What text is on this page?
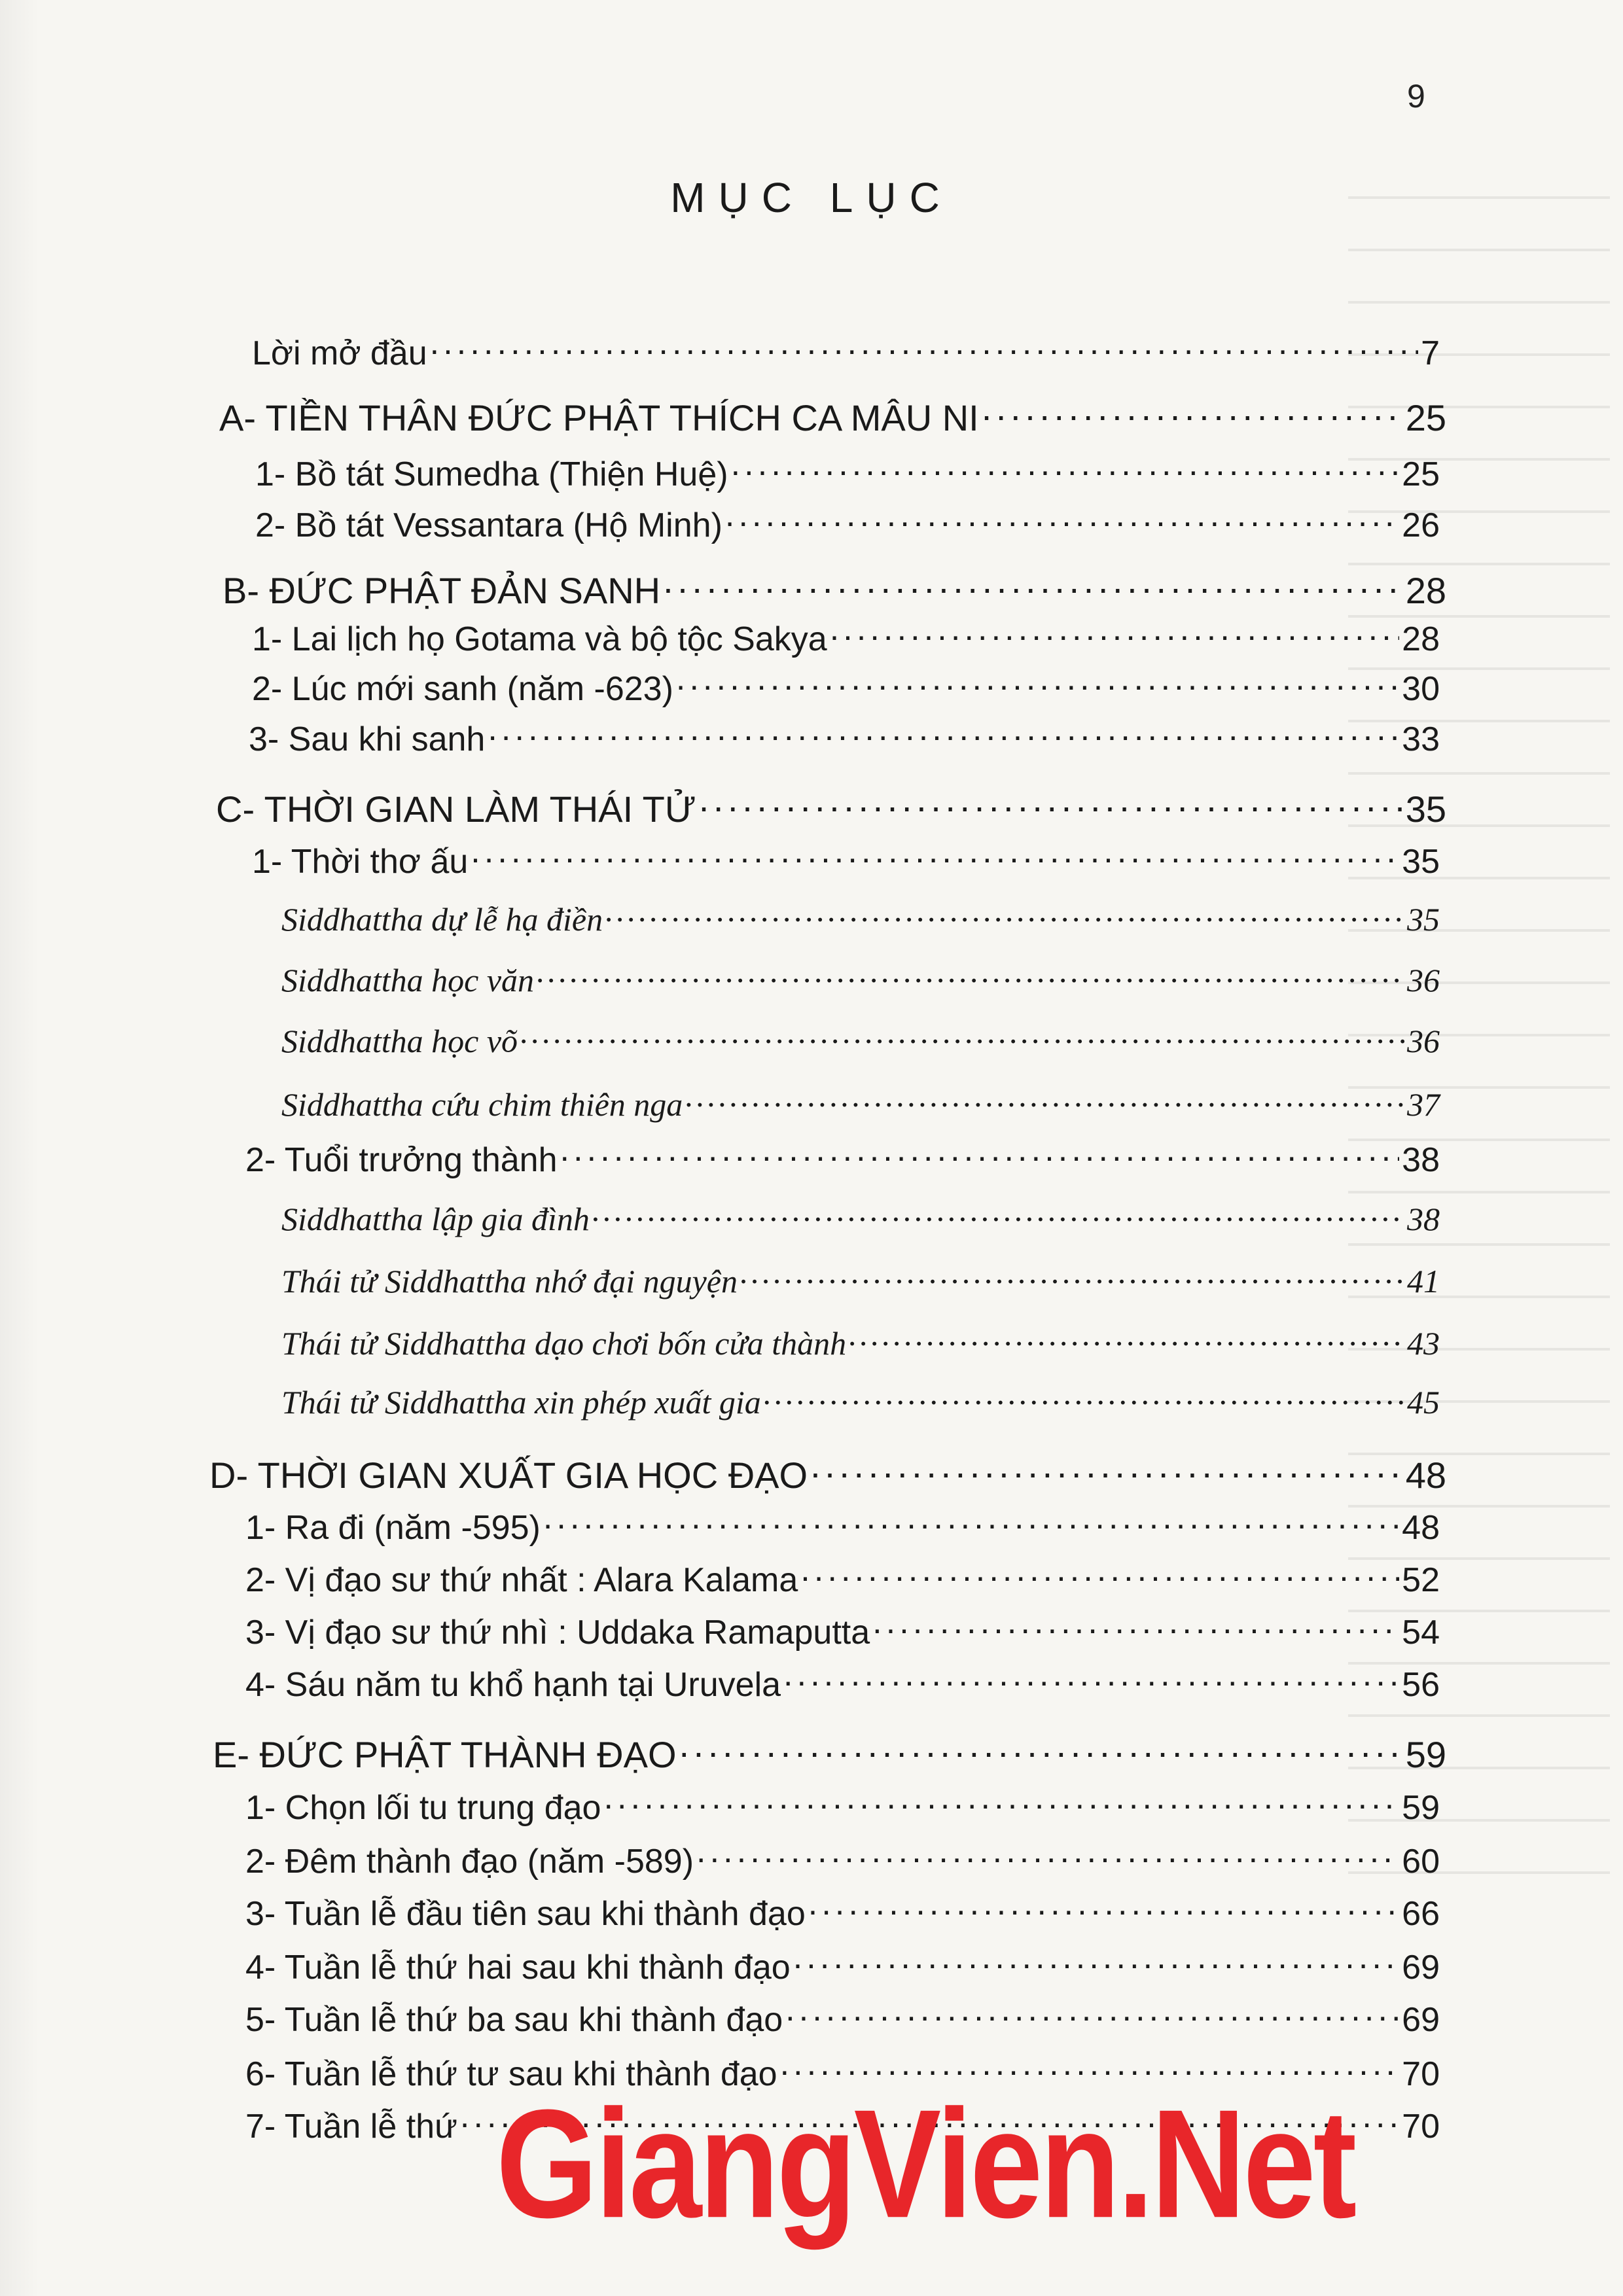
9
MỤC LỤC
Lời mở đầu . . .	7
A- TIỀN THÂN ĐỨC PHẬT THÍCH CA MÂU NI . . .	25
1- Bồ tát Sumedha (Thiện Huệ) . . .	25
2- Bồ tát Vessantara (Hộ Minh) . . .	26
B- ĐỨC PHẬT ĐẢN SANH . . .	28
1- Lai lịch họ Gotama và bộ tộc Sakya . . .	28
2- Lúc mới sanh (năm -623) . . .	30
3- Sau khi sanh . . .	33
C- THỜI GIAN LÀM THÁI TỬ . . .	35
1- Thời thơ ấu . . .	35
Siddhattha dự lễ hạ điền . . .	35
Siddhattha học văn . . .	36
Siddhattha học võ . . .	36
Siddhattha cứu chim thiên nga . . .	37
2- Tuổi trưởng thành . . .	38
Siddhattha lập gia đình . . .	38
Thái tử Siddhattha nhớ đại nguyện . . .	41
Thái tử Siddhattha dạo chơi bốn cửa thành . . .	43
Thái tử Siddhattha xin phép xuất gia . . .	45
D- THỜI GIAN XUẤT GIA HỌC ĐẠO . . .	48
1- Ra đi (năm -595) . . .	48
2- Vị đạo sư thứ nhất : Alara Kalama . . .	52
3- Vị đạo sư thứ nhì : Uddaka Ramaputta . . .	54
4- Sáu năm tu khổ hạnh tại Uruvela . . .	56
E- ĐỨC PHẬT THÀNH ĐẠO . . .	59
1- Chọn lối tu trung đạo . . .	59
2- Đêm thành đạo (năm -589) . . .	60
3- Tuần lễ đầu tiên sau khi thành đạo . . .	66
4- Tuần lễ thứ hai sau khi thành đạo . . .	69
5- Tuần lễ thứ ba sau khi thành đạo . . .	69
6- Tuần lễ thứ tư sau khi thành đạo . . .	70
7- Tuần lễ thứ . . .	70
GiangVien.Net
